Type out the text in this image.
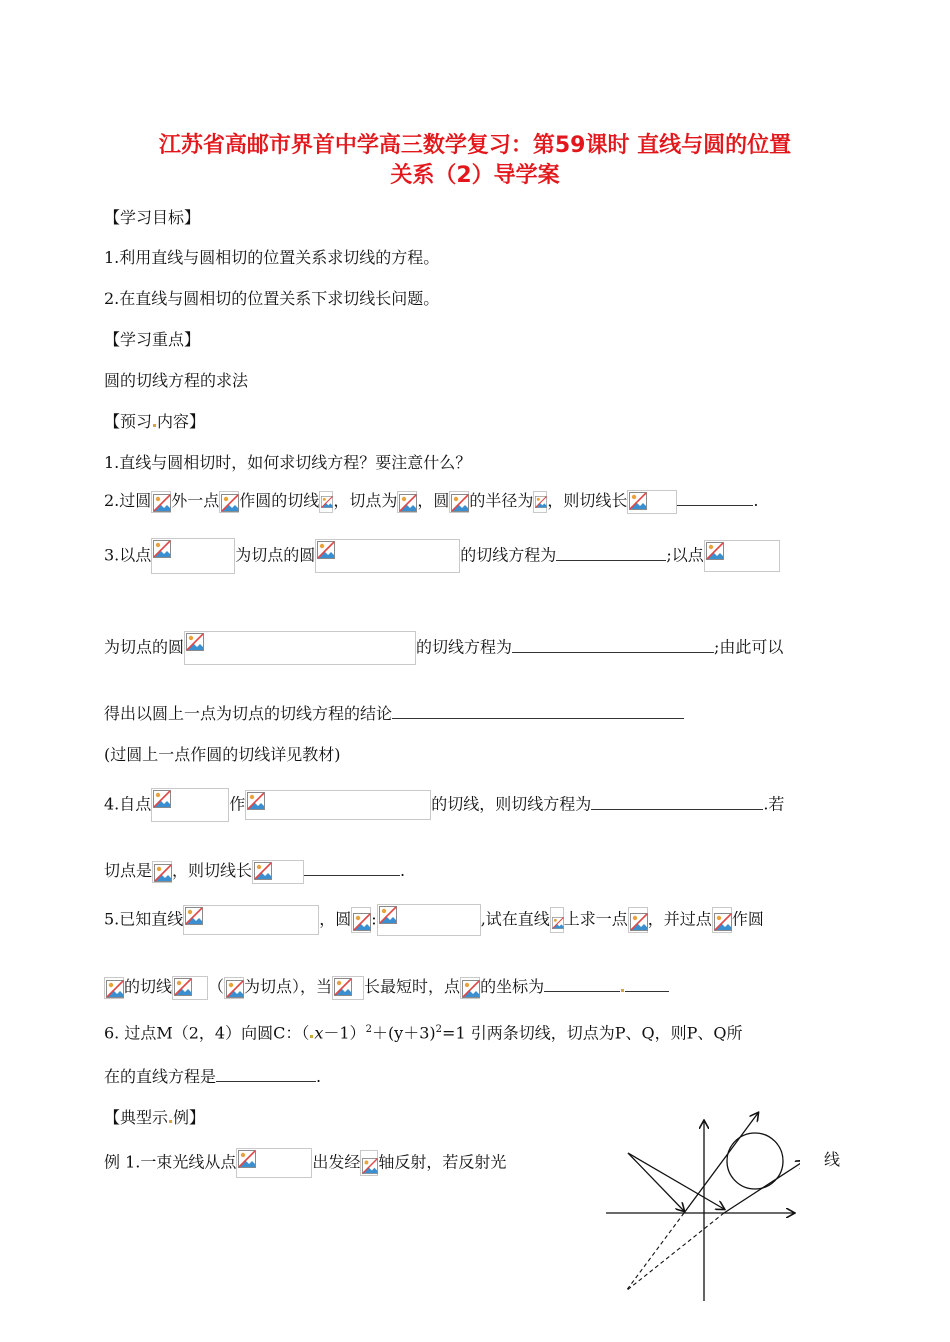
江苏省高邮市界首中学高三数学复习：第59课时 直线与圆的位置
关系（2）导学案
【学习目标】
1.利用直线与圆相切的位置关系求切线的方程。
2.在直线与圆相切的位置关系下求切线长问题。
【学习重点】
圆的切线方程的求法
【预习 内容】
1.直线与圆相切时，如何求切线方程？要注意什么？
2.过圆 外一点 作圆的切线 ，切点为 ，圆 的半径为 ，则切线长	.
3.以点	为切点的圆	的切线方程为	;以点
为切点的圆	的切线方程为	;由此可以
得出以圆上一点为切点的切线方程的结论
(过圆上一点作圆的切线详见教材)
4.自点	作	的切线，则切线方程为	.若
切点是 ，则切线长	.
5.已知直线	，圆 :	,试在直线 上求一点 ，并过点 作圆
的切线 （ 为切点），当 长最短时，点 的坐标为
6. 过点M（2，4）向圆C：（ $x-1)^2+(y+3)^2=1$ 引两条切线，切点为P、Q，则P、Q所
在的直线方程是	.
【典型示 例】
例 1.一束光线从点	出发经 轴反射，若反射光	线
